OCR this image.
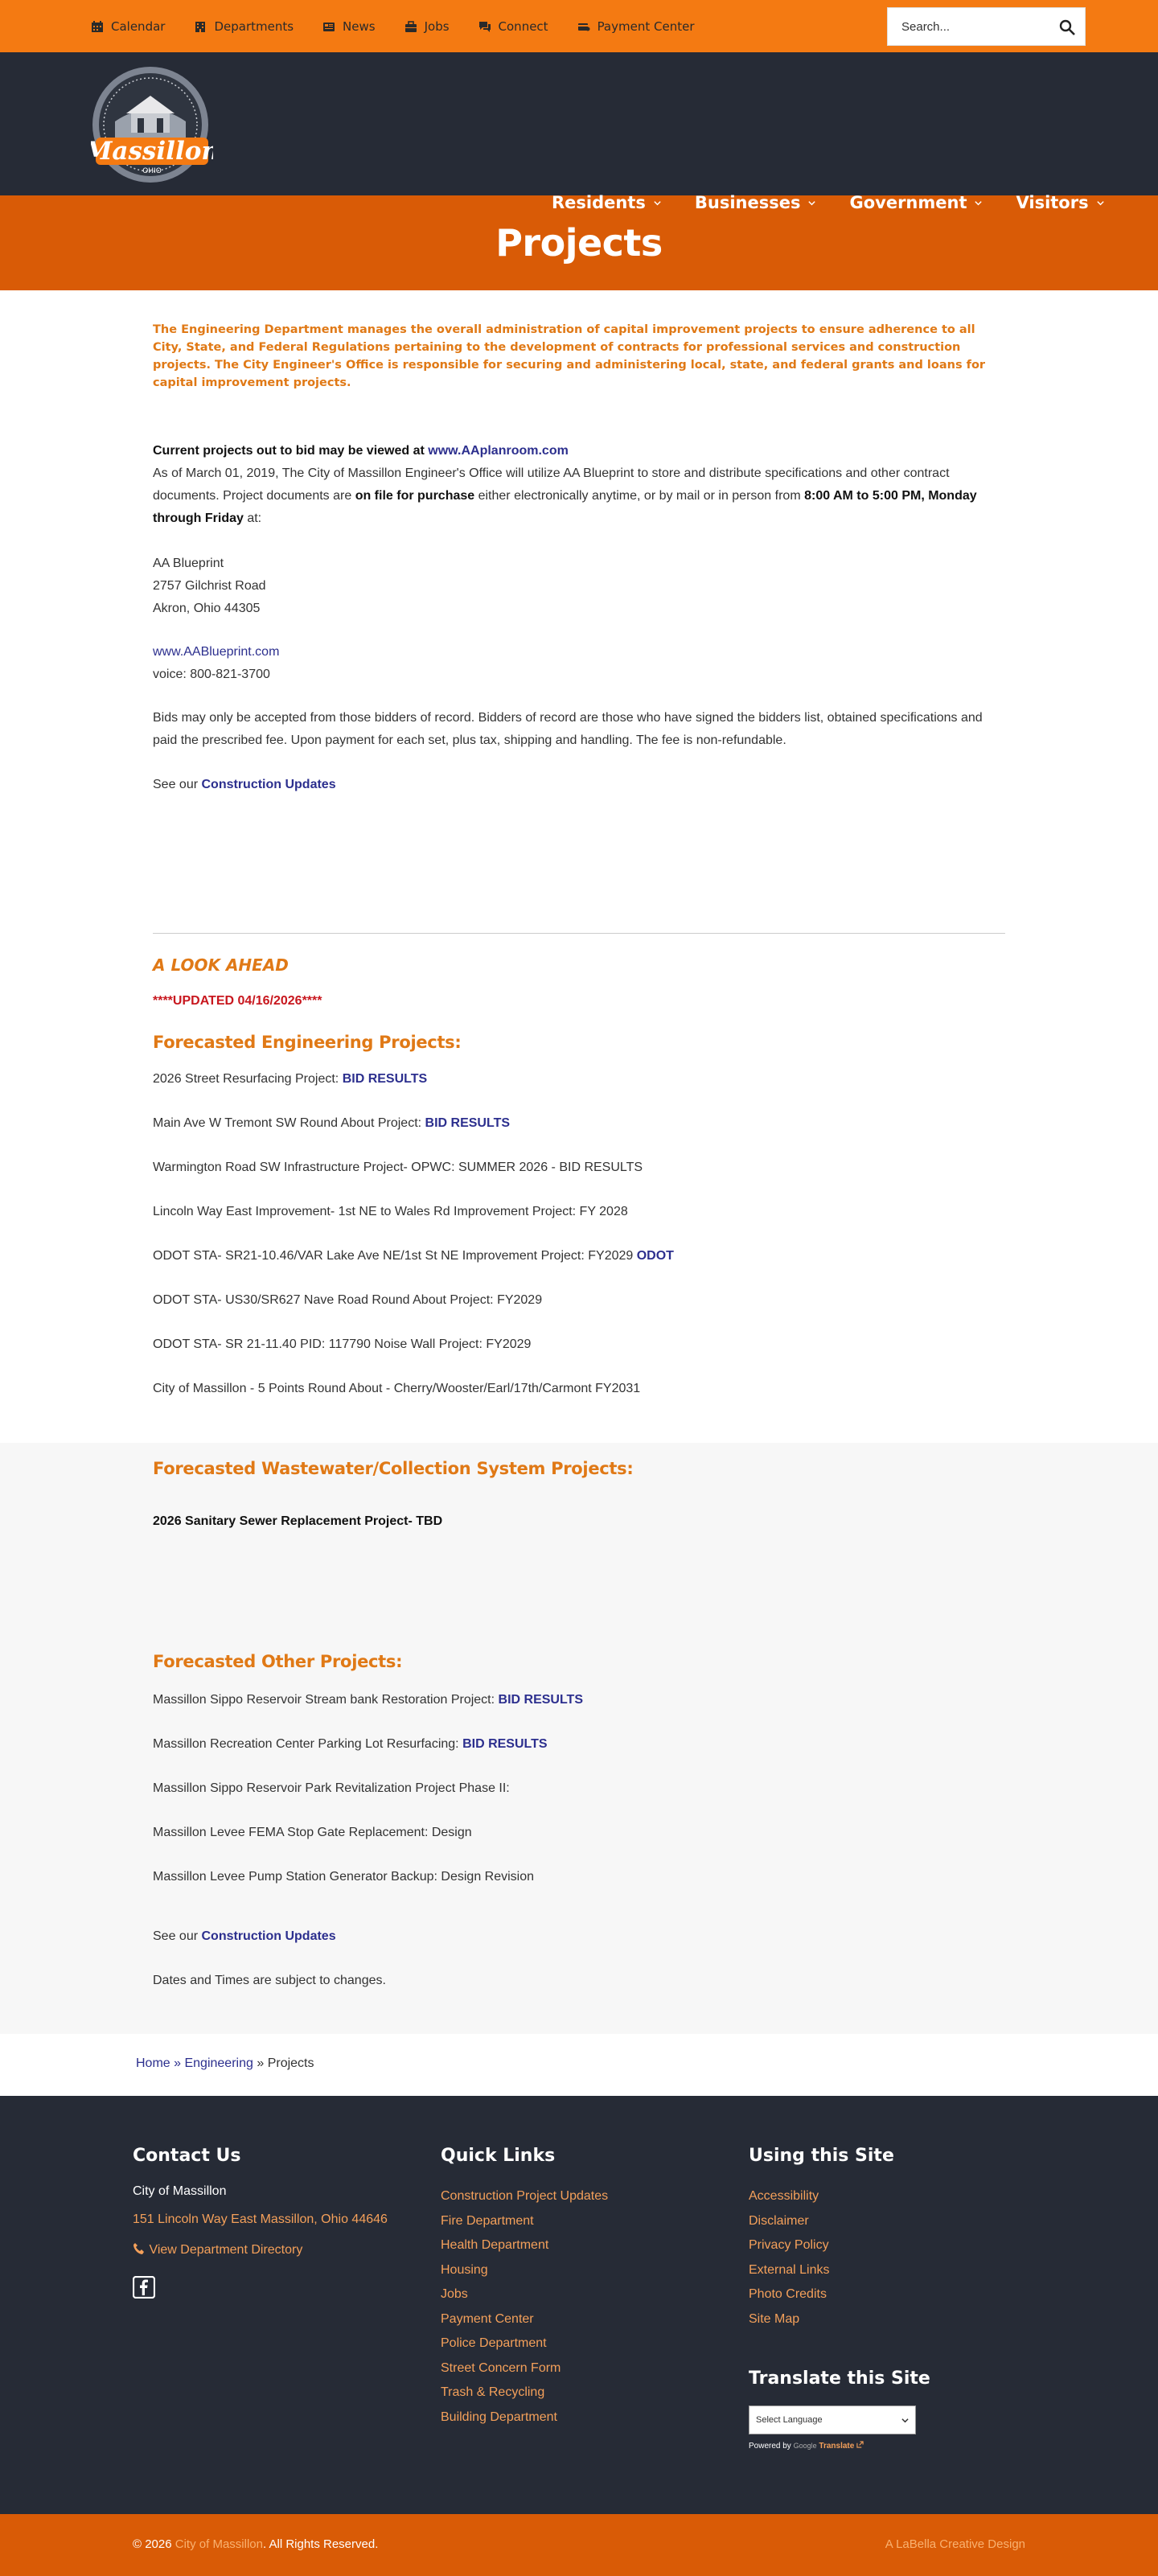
Calendar	Departments	News	Jobs	Connect	Payment Center
Search...
Massillon
OHIO
Residents	Businesses	Government	Visitors
Projects

The Engineering Department manages the overall administration of capital improvement projects to ensure adherence to all City, State, and Federal Regulations pertaining to the development of contracts for professional services and construction projects. The City Engineer's Office is responsible for securing and administering local, state, and federal grants and loans for capital improvement projects.

Current projects out to bid may be viewed at www.AAplanroom.com
As of March 01, 2019, The City of Massillon Engineer's Office will utilize AA Blueprint to store and distribute specifications and other contract documents. Project documents are on file for purchase either electronically anytime, or by mail or in person from 8:00 AM to 5:00 PM, Monday through Friday at:

AA Blueprint
2757 Gilchrist Road
Akron, Ohio 44305

www.AABlueprint.com
voice: 800-821-3700

Bids may only be accepted from those bidders of record. Bidders of record are those who have signed the bidders list, obtained specifications and paid the prescribed fee. Upon payment for each set, plus tax, shipping and handling. The fee is non-refundable.

See our Construction Updates

A LOOK AHEAD

****UPDATED 04/16/2026****

Forecasted Engineering Projects:

2026 Street Resurfacing Project: BID RESULTS

Main Ave W Tremont SW Round About Project: BID RESULTS

Warmington Road SW Infrastructure Project- OPWC: SUMMER 2026 - BID RESULTS

Lincoln Way East Improvement- 1st NE to Wales Rd Improvement Project: FY 2028

ODOT STA- SR21-10.46/VAR Lake Ave NE/1st St NE Improvement Project: FY2029 ODOT

ODOT STA- US30/SR627 Nave Road Round About Project: FY2029

ODOT STA- SR 21-11.40 PID: 117790 Noise Wall Project: FY2029

City of Massillon - 5 Points Round About - Cherry/Wooster/Earl/17th/Carmont FY2031

Forecasted Wastewater/Collection System Projects:

2026 Sanitary Sewer Replacement Project- TBD

Forecasted Other Projects:

Massillon Sippo Reservoir Stream bank Restoration Project: BID RESULTS

Massillon Recreation Center Parking Lot Resurfacing: BID RESULTS

Massillon Sippo Reservoir Park Revitalization Project Phase II:

Massillon Levee FEMA Stop Gate Replacement: Design

Massillon Levee Pump Station Generator Backup: Design Revision

See our Construction Updates

Dates and Times are subject to changes.

Home » Engineering » Projects

Contact Us

City of Massillon

151 Lincoln Way East Massillon, Ohio 44646
View Department Directory
Quick Links
Construction Project Updates
Fire Department
Health Department
Housing
Jobs
Payment Center
Police Department
Street Concern Form
Trash & Recycling
Building Department
Using this Site
Accessibility
Disclaimer
Privacy Policy
External Links
Photo Credits
Site Map
Translate this Site
Select Language

Powered by Google Translate

© 2026 City of Massillon. All Rights Reserved.	A LaBella Creative Design
